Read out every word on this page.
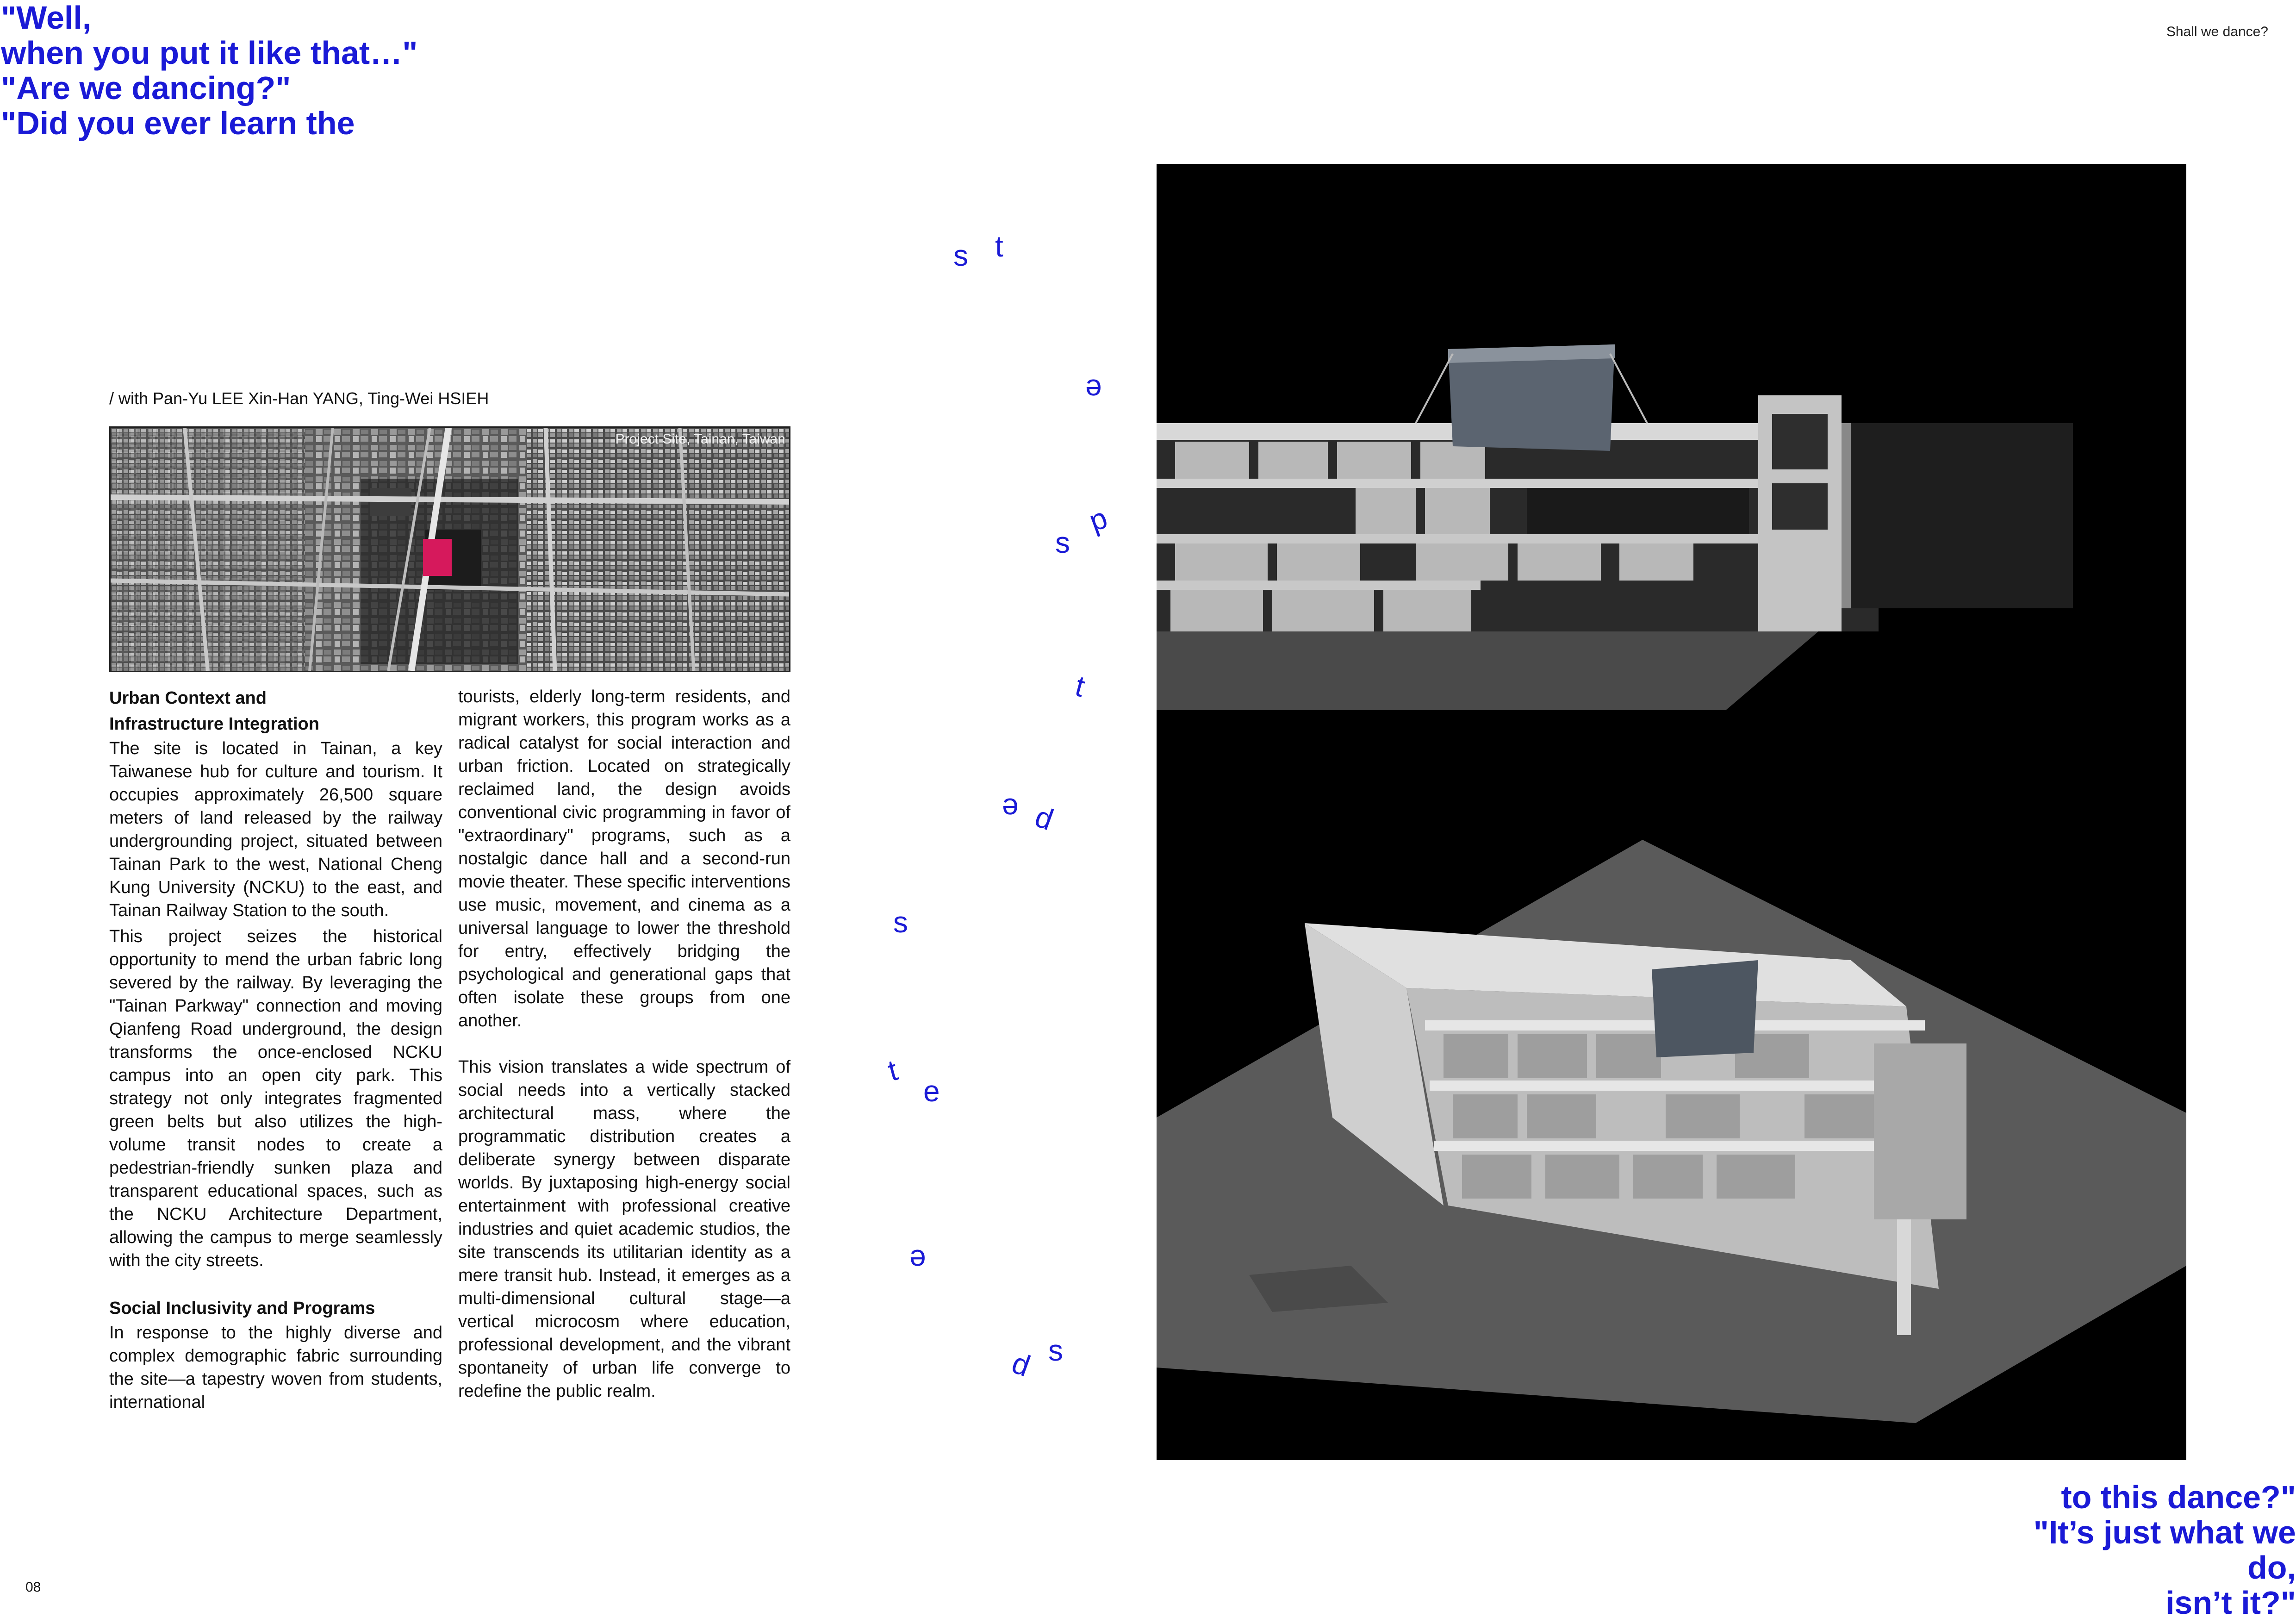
"Well,
when you put it like that…"
"Are we dancing?"
"Did you ever learn the
Shall we dance?
/ with Pan-Yu LEE Xin-Han YANG, Ting-Wei HSIEH
Project Site, Tainan, Taiwan
Urban Context and
Infrastructure Integration

The site is located in Tainan, a key Taiwanese hub for culture and tourism. It occupies approximately 26,500 square meters of land released by the railway undergrounding project, situated between Tainan Park to the west, National Cheng Kung University (NCKU) to the east, and Tainan Railway Station to the south.

This project seizes the historical opportunity to mend the urban fabric long severed by the railway. By leveraging the "Tainan Parkway" connection and moving Qianfeng Road underground, the design transforms the once-enclosed NCKU campus into an open city park. This strategy not only integrates fragmented green belts but also utilizes the high-volume transit nodes to create a pedestrian-friendly sunken plaza and transparent educational spaces, such as the NCKU Architecture Department, allowing the campus to merge seamlessly with the city streets.

Social Inclusivity and Programs

In response to the highly diverse and complex demographic fabric surrounding the site—a tapestry woven from students, international

tourists, elderly long-term residents, and migrant workers, this program works as a radical catalyst for social interaction and urban friction. Located on strategically reclaimed land, the design avoids conventional civic programming in favor of "extraordinary" programs, such as a nostalgic dance hall and a second-run movie theater. These specific interventions use music, movement, and cinema as a universal language to lower the threshold for entry, effectively bridging the psychological and generational gaps that often isolate these groups from one another.

This vision translates a wide spectrum of social needs into a vertically stacked architectural mass, where the programmatic distribution creates a deliberate synergy between disparate worlds. By juxtaposing high-energy social entertainment with professional creative industries and quiet academic studios, the site transcends its utilitarian identity as a mere transit hub. Instead, it emerges as a multi-dimensional cultural stage—a vertical microcosm where education, professional development, and the vibrant spontaneity of urban life converge to redefine the public realm.

s t
e
p
s
t
e p
s
t
e
e
p
s
to this dance?"
"It’s just what we
do,
isn’t it?"
08
